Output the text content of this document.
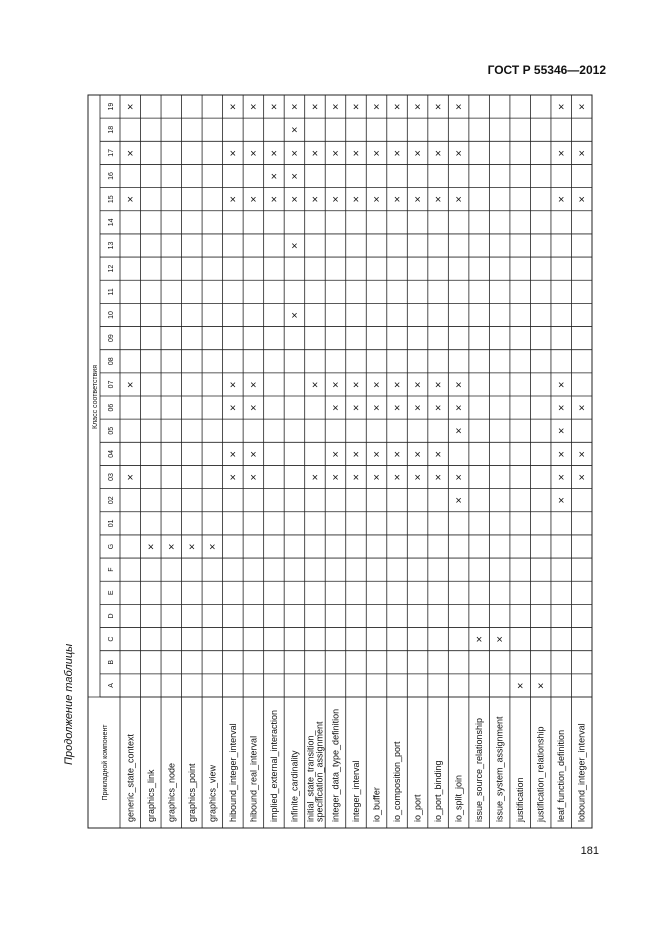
ГОСТ Р 55346—2012
Продолжение таблицы
181
Прикладной компонент
Класс соответствия
A
B
C
D
E
F
G
01
02
03
04
05
06
07
08
09
10
11
12
13
14
15
16
17
18
19
generic_state_context
×
×
×
×
×
graphics_link
×
graphics_node
×
graphics_point
×
graphics_view
×
hibound_integer_interval
×
×
×
×
×
×
×
hibound_real_interval
×
×
×
×
×
×
×
implied_external_interaction
×
×
×
×
infinite_cardinality
×
×
×
×
×
×
×
initial_state_transition_ specification_assignment
×
×
×
×
×
integer_data_type_definition
×
×
×
×
×
×
×
integer_interval
×
×
×
×
×
×
×
io_buffer
×
×
×
×
×
×
×
io_composition_port
×
×
×
×
×
×
×
io_port
×
×
×
×
×
×
×
io_port_binding
×
×
×
×
×
×
×
io_split_join
×
×
×
×
×
×
×
×
issue_source_relationship
×
issue_system_assignment
×
justification
×
justification_relationship
×
leaf_function_definition
×
×
×
×
×
×
×
×
×
lobound_integer_interval
×
×
×
×
×
×
